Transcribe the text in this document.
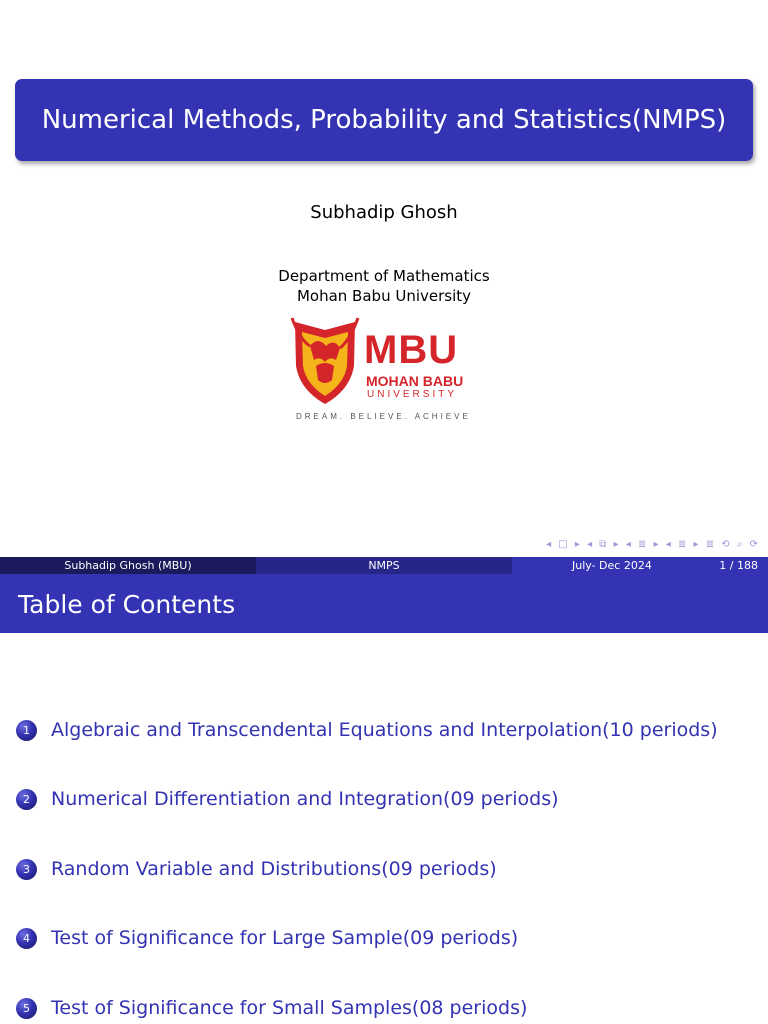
Numerical Methods, Probability and Statistics(NMPS)
Subhadip Ghosh
Department of Mathematics
Mohan Babu University
MBU
MOHAN BABU
UNIVERSITY
DREAM. BELIEVE. ACHIEVE
◂ □ ▸ ◂ ⧉ ▸ ◂ ≣ ▸ ◂ ≣ ▸ ≣ ⟲ ⌕ ⟳
Subhadip Ghosh (MBU)	NMPS	July- Dec 2024	1 / 188
Table of Contents
1	Algebraic and Transcendental Equations and Interpolation(10 periods)
2	Numerical Differentiation and Integration(09 periods)
3	Random Variable and Distributions(09 periods)
4	Test of Significance for Large Sample(09 periods)
5	Test of Significance for Small Samples(08 periods)
